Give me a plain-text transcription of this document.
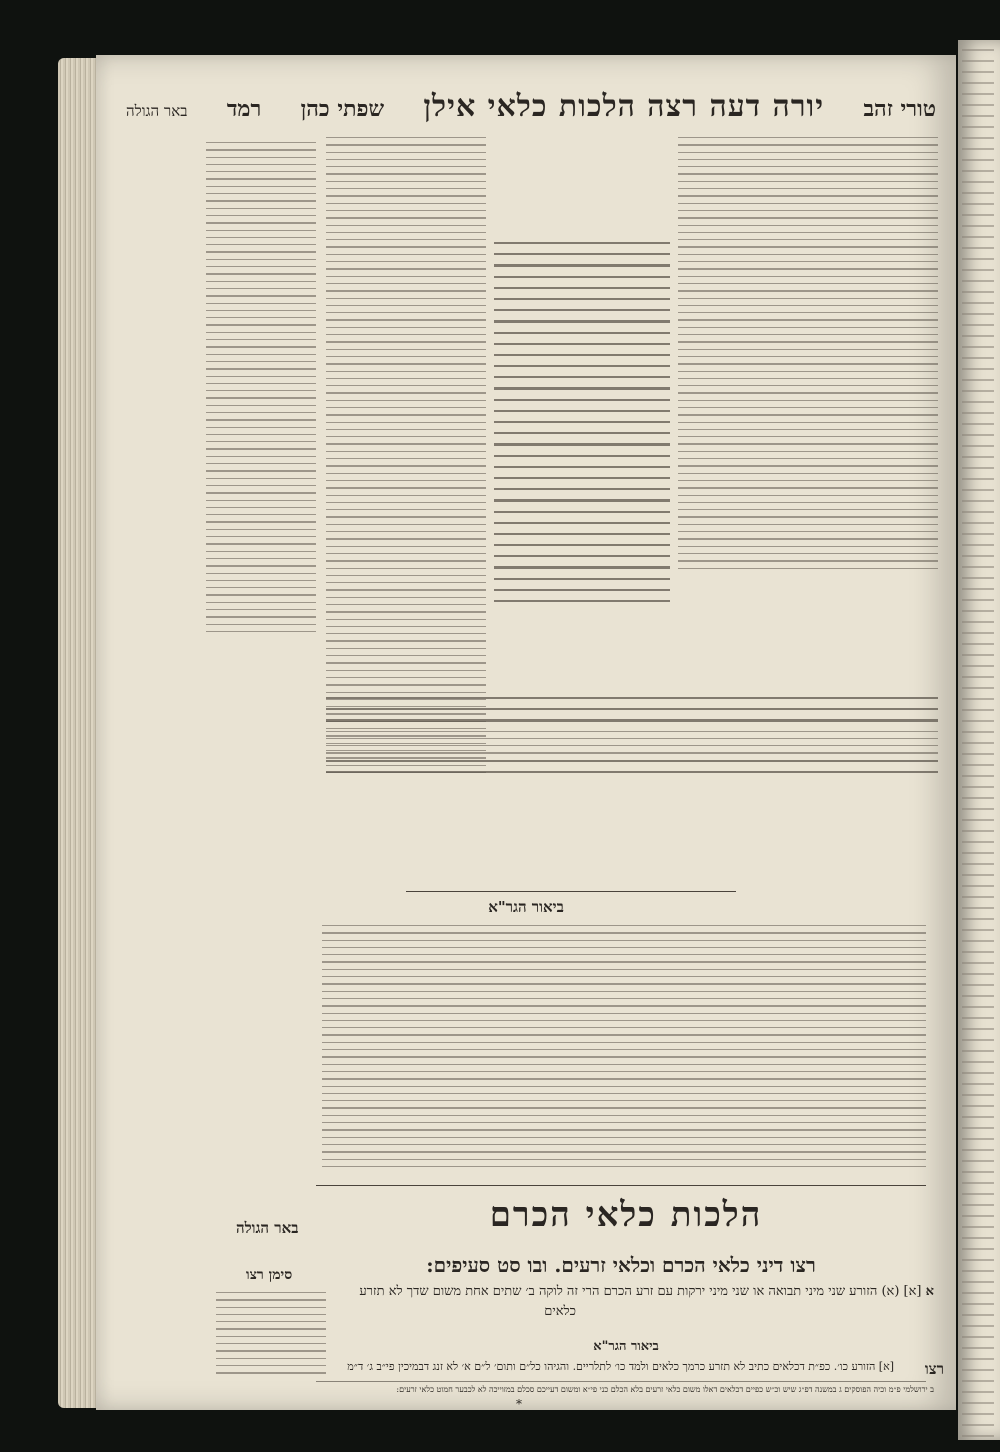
באר הגולה רמד שפתי כהן יורה דעה רצה הלכות כלאי אילן טורי זהב
ביאור הגר"א
הלכות כלאי הכרם
רצו דיני כלאי הכרם וכלאי זרעים. ובו סט סעיפים:
א [א] (א) הזורע שני מיני תבואה או שני מיני ירקות עם זרע הכרם הרי זה לוקה ב׳ שתים אחת משום שדך לא תזרע
כלאים
ביאור הגר"א
רצו
[א] הזורע כו׳. כפ״ת דכלאים כתיב לא תזרע כרמך כלאים ולמד כו׳ לתלריים. והגיהו כל״ם ותום׳ ל״ם א׳ לא זנג דבמיכין פי״ב ג׳ ד״מ
ב ירושלמי פ״מ וכיה הפוסקים ג במשנה דפ״ג שיש וכ״ש כפיים דכלאים דאלו משום כלאי זרעים בלא הכלם כני פי״א ומשום דעייכם סכלם במזוייכה לא לכבער חמוט כלאי זרעים:
*
באר הגולה
סימן רצו
